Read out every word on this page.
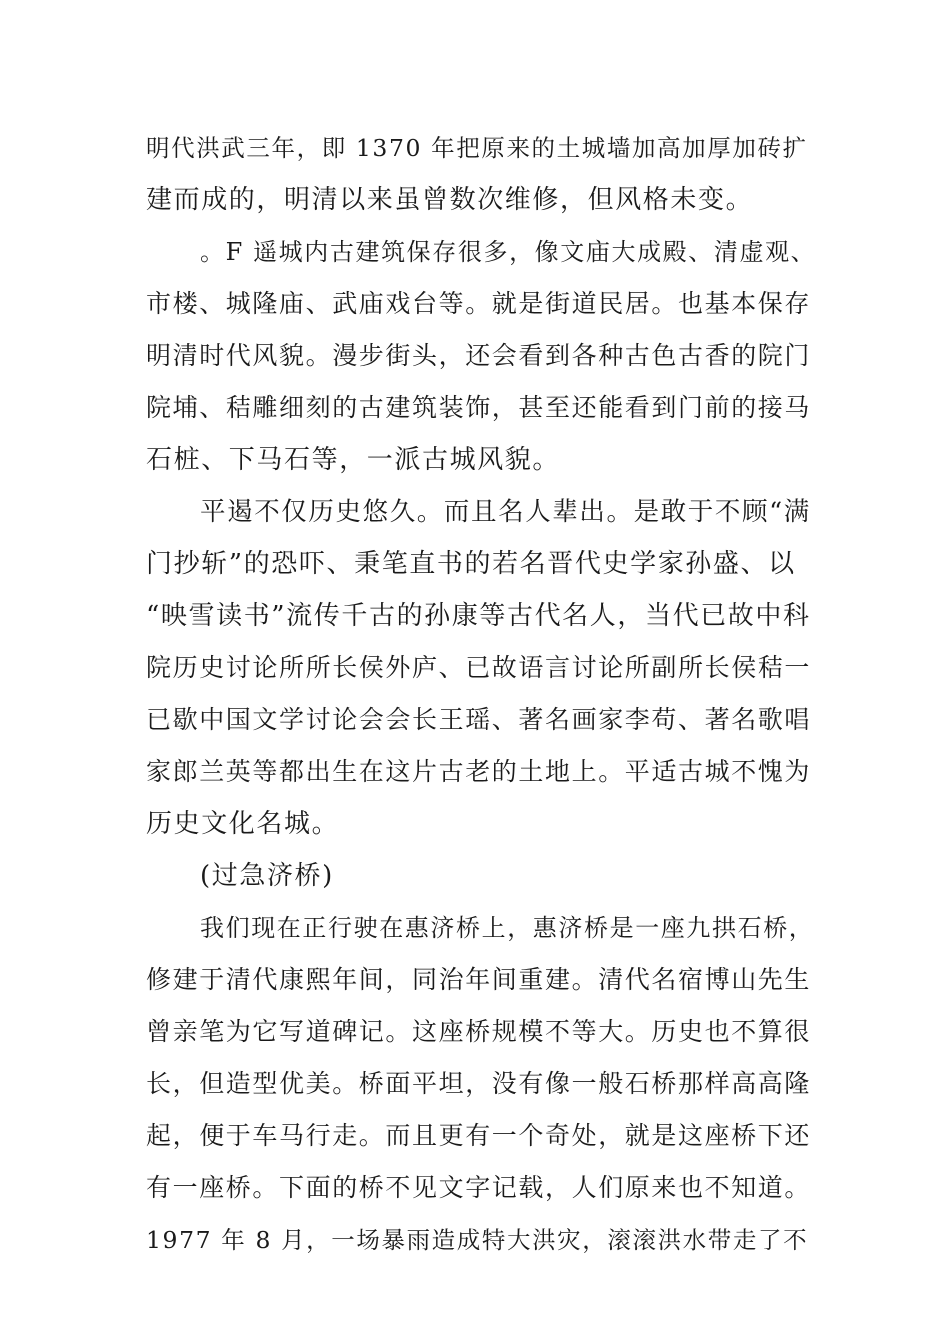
明代洪武三年，即 1370 年把原来的土城墙加高加厚加砖扩
建而成的，明清以来虽曾数次维修，但风格未变。
。F 遥城内古建筑保存很多，像文庙大成殿、清虚观、
市楼、城隆庙、武庙戏台等。就是街道民居。也基本保存
明清时代风貌。漫步街头，还会看到各种古色古香的院门
院埔、秸雕细刻的古建筑装饰，甚至还能看到门前的接马
石桩、下马石等，一派古城风貌。
平遏不仅历史悠久。而且名人辈出。是敢于不顾“满
门抄斩”的恐吓、秉笔直书的若名晋代史学家孙盛、以
“映雪读书”流传千古的孙康等古代名人，当代已故中科
院历史讨论所所长侯外庐、已故语言讨论所副所长侯秸一
已歇中国文学讨论会会长王瑶、著名画家李苟、著名歌唱
家郎兰英等都出生在这片古老的土地上。平适古城不愧为
历史文化名城。
(过急济桥)
我们现在正行驶在惠济桥上，惠济桥是一座九拱石桥，
修建于清代康熙年间，同治年间重建。清代名宿博山先生
曾亲笔为它写道碑记。这座桥规模不等大。历史也不算很
长，但造型优美。桥面平坦，没有像一般石桥那样高高隆
起，便于车马行走。而且更有一个奇处，就是这座桥下还
有一座桥。下面的桥不见文字记载，人们原来也不知道。
1977 年 8 月，一场暴雨造成特大洪灾，滚滚洪水带走了不
